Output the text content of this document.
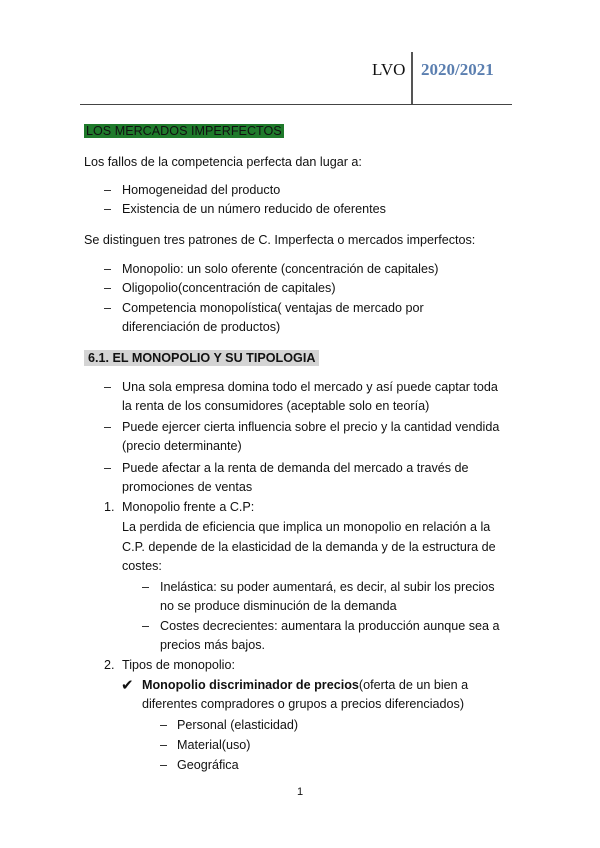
LVO 2020/2021
LOS MERCADOS IMPERFECTOS
Los fallos de la competencia perfecta dan lugar a:
– Homogeneidad del producto
– Existencia de un número reducido de oferentes
Se distinguen tres patrones de C. Imperfecta o mercados imperfectos:
– Monopolio: un solo oferente (concentración de capitales)
– Oligopolio(concentración de capitales)
– Competencia monopolística( ventajas de mercado por
diferenciación de productos)
6.1. EL MONOPOLIO Y SU TIPOLOGIA
– Una sola empresa domina todo el mercado y así puede captar toda
la renta de los consumidores (aceptable solo en teoría)
– Puede ejercer cierta influencia sobre el precio y la cantidad vendida
(precio determinante)
– Puede afectar a la renta de demanda del mercado a través de
promociones de ventas
1. Monopolio frente a C.P:
La perdida de eficiencia que implica un monopolio en relación a la
C.P. depende de la elasticidad de la demanda y de la estructura de
costes:
– Inelástica: su poder aumentará, es decir, al subir los precios
no se produce disminución de la demanda
– Costes decrecientes: aumentara la producción aunque sea a
precios más bajos.
2. Tipos de monopolio:
✔ Monopolio discriminador de precios(oferta de un bien a
diferentes compradores o grupos a precios diferenciados)
– Personal (elasticidad)
– Material(uso)
– Geográfica
1
